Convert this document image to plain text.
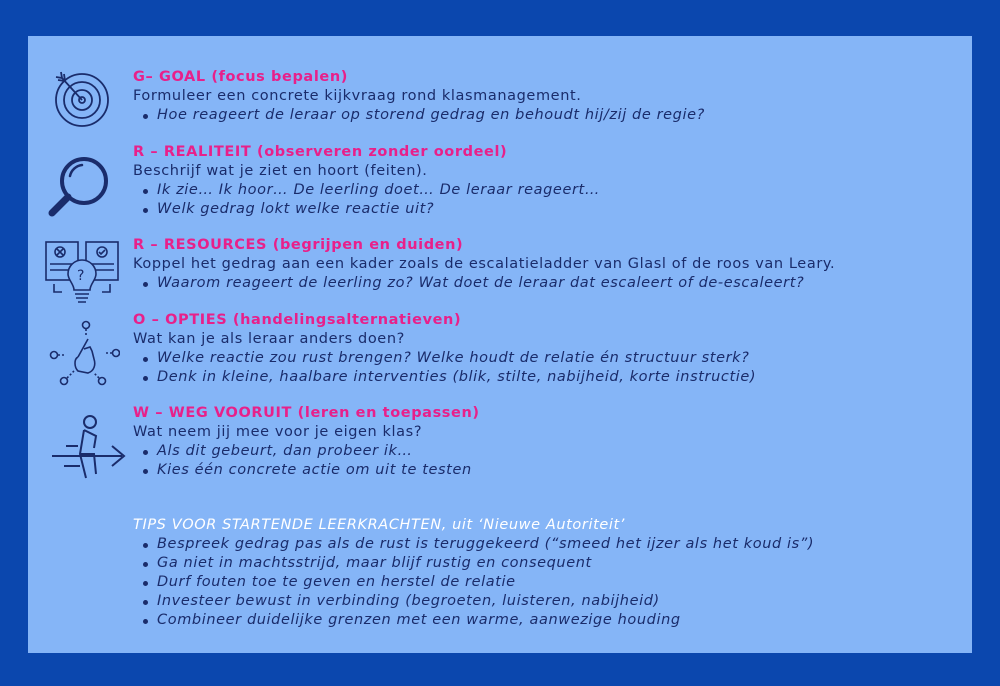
G– GOAL (focus bepalen)
Formuleer een concrete kijkvraag rond klasmanagement.
Hoe reageert de leraar op storend gedrag en behoudt hij/zij de regie?
R – REALITEIT (observeren zonder oordeel)
Beschrijf wat je ziet en hoort (feiten).
Ik zie… Ik hoor… De leerling doet… De leraar reageert…
Welk gedrag lokt welke reactie uit?
?
R – RESOURCES (begrijpen en duiden)
Koppel het gedrag aan een kader zoals de escalatieladder van Glasl of de roos van Leary.
Waarom reageert de leerling zo? Wat doet de leraar dat escaleert of de-escaleert?
O – OPTIES (handelingsalternatieven)
Wat kan je als leraar anders doen?
Welke reactie zou rust brengen? Welke houdt de relatie én structuur sterk?
Denk in kleine, haalbare interventies (blik, stilte, nabijheid, korte instructie)
W – WEG VOORUIT (leren en toepassen)
Wat neem jij mee voor je eigen klas?
Als dit gebeurt, dan probeer ik…
Kies één concrete actie om uit te testen
TIPS VOOR STARTENDE LEERKRACHTEN, uit ‘Nieuwe Autoriteit’
Bespreek gedrag pas als de rust is teruggekeerd (“smeed het ijzer als het koud is”)
Ga niet in machtsstrijd, maar blijf rustig en consequent
Durf fouten toe te geven en herstel de relatie
Investeer bewust in verbinding (begroeten, luisteren, nabijheid)
Combineer duidelijke grenzen met een warme, aanwezige houding
